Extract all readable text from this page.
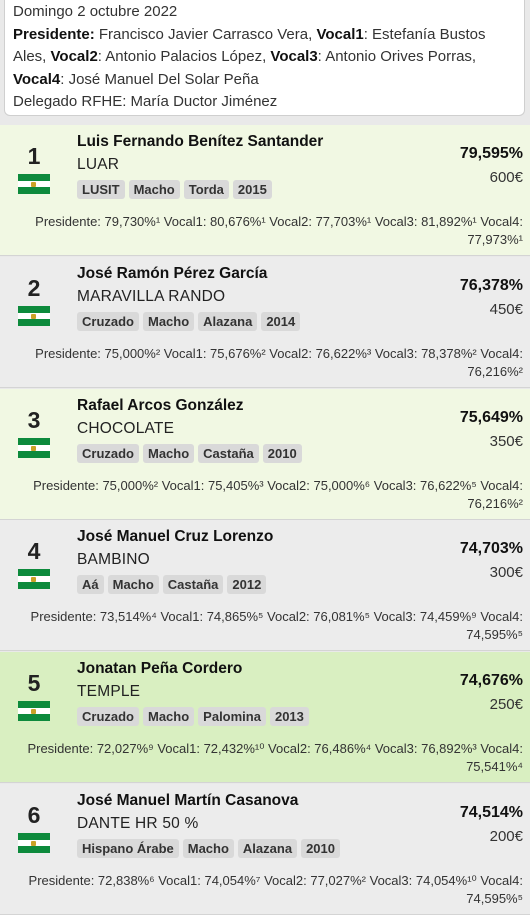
Domingo 2 octubre 2022
Presidente: Francisco Javier Carrasco Vera, Vocal1: Estefanía Bustos Ales, Vocal2: Antonio Palacios López, Vocal3: Antonio Orives Porras,
Vocal4: José Manuel Del Solar Peña
Delegado RFHE: María Ductor Jiménez
1
Luis Fernando Benítez Santander
LUAR
LUSIT	Macho	Torda	2015
79,595%
600€
Presidente: 79,730%¹ Vocal1: 80,676%¹ Vocal2: 77,703%¹ Vocal3: 81,892%¹ Vocal4:
77,973%¹
2
José Ramón Pérez García
MARAVILLA RANDO
Cruzado	Macho	Alazana	2014
76,378%
450€
Presidente: 75,000%² Vocal1: 75,676%² Vocal2: 76,622%³ Vocal3: 78,378%² Vocal4:
76,216%²
3
Rafael Arcos González
CHOCOLATE
Cruzado	Macho	Castaña	2010
75,649%
350€
Presidente: 75,000%² Vocal1: 75,405%³ Vocal2: 75,000%⁶ Vocal3: 76,622%⁵ Vocal4:
76,216%²
4
José Manuel Cruz Lorenzo
BAMBINO
Aá	Macho	Castaña	2012
74,703%
300€
Presidente: 73,514%⁴ Vocal1: 74,865%⁵ Vocal2: 76,081%⁵ Vocal3: 74,459%⁹ Vocal4:
74,595%⁵
5
Jonatan Peña Cordero
TEMPLE
Cruzado	Macho	Palomina	2013
74,676%
250€
Presidente: 72,027%⁹ Vocal1: 72,432%¹⁰ Vocal2: 76,486%⁴ Vocal3: 76,892%³ Vocal4:
75,541%⁴
6
José Manuel Martín Casanova
DANTE HR 50 %
Hispano Árabe	Macho	Alazana	2010
74,514%
200€
Presidente: 72,838%⁶ Vocal1: 74,054%⁷ Vocal2: 77,027%² Vocal3: 74,054%¹⁰ Vocal4:
74,595%⁵
